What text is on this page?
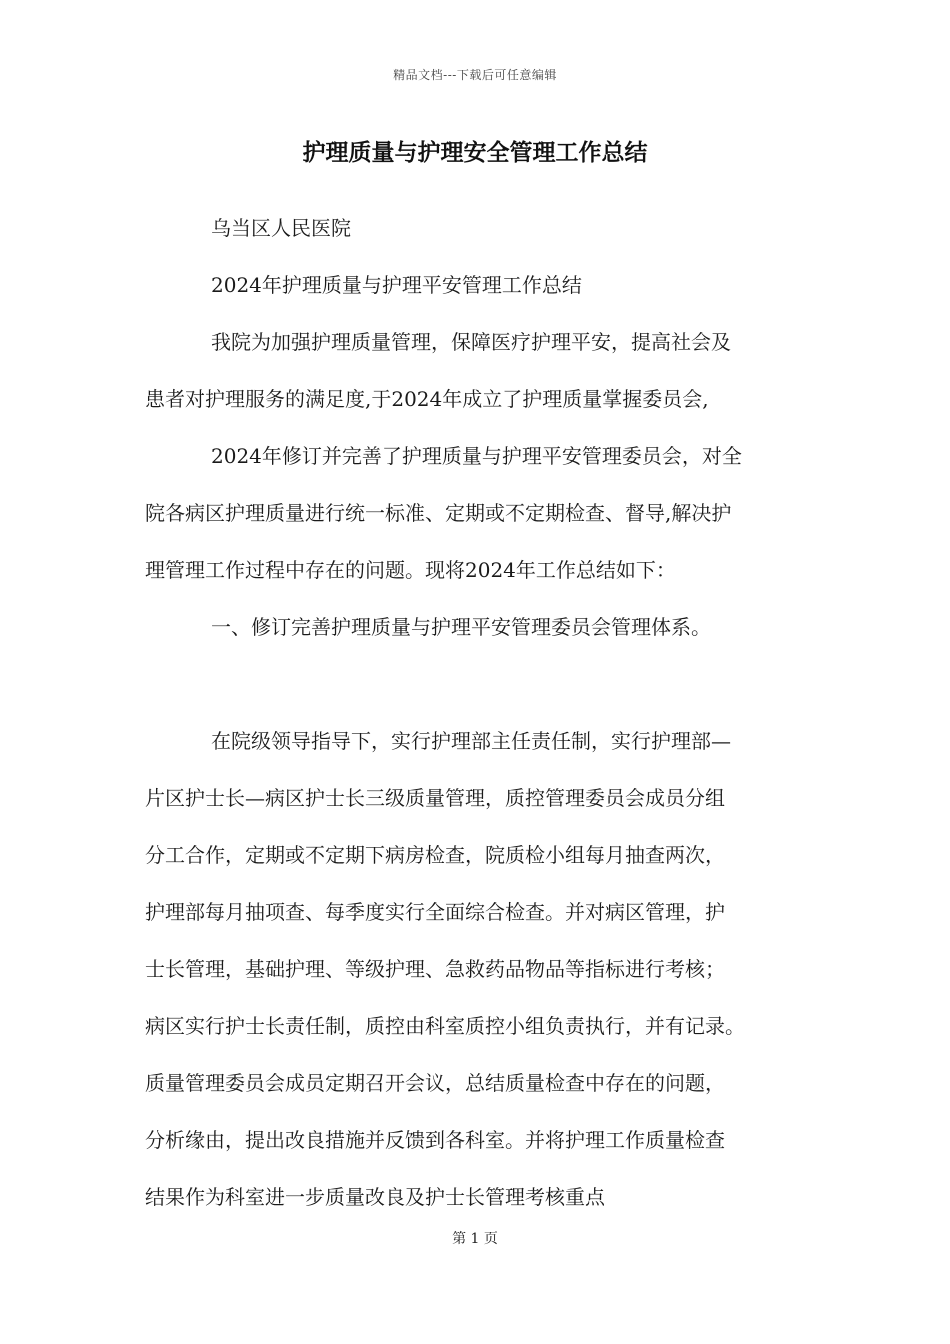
精品文档---下载后可任意编辑
护理质量与护理安全管理工作总结
乌当区人民医院
2024年护理质量与护理平安管理工作总结
我院为加强护理质量管理，保障医疗护理平安，提高社会及
患者对护理服务的满足度,于2024年成立了护理质量掌握委员会,
2024年修订并完善了护理质量与护理平安管理委员会，对全
院各病区护理质量进行统一标准、定期或不定期检查、督导,解决护
理管理工作过程中存在的问题。现将2024年工作总结如下：
一、修订完善护理质量与护理平安管理委员会管理体系。
在院级领导指导下，实行护理部主任责任制，实行护理部—
片区护士长—病区护士长三级质量管理，质控管理委员会成员分组
分工合作，定期或不定期下病房检查，院质检小组每月抽查两次，
护理部每月抽项查、每季度实行全面综合检查。并对病区管理，护
士长管理，基础护理、等级护理、急救药品物品等指标进行考核；
病区实行护士长责任制，质控由科室质控小组负责执行，并有记录。
质量管理委员会成员定期召开会议，总结质量检查中存在的问题，
分析缘由，提出改良措施并反馈到各科室。并将护理工作质量检查
结果作为科室进一步质量改良及护士长管理考核重点
第 1 页
